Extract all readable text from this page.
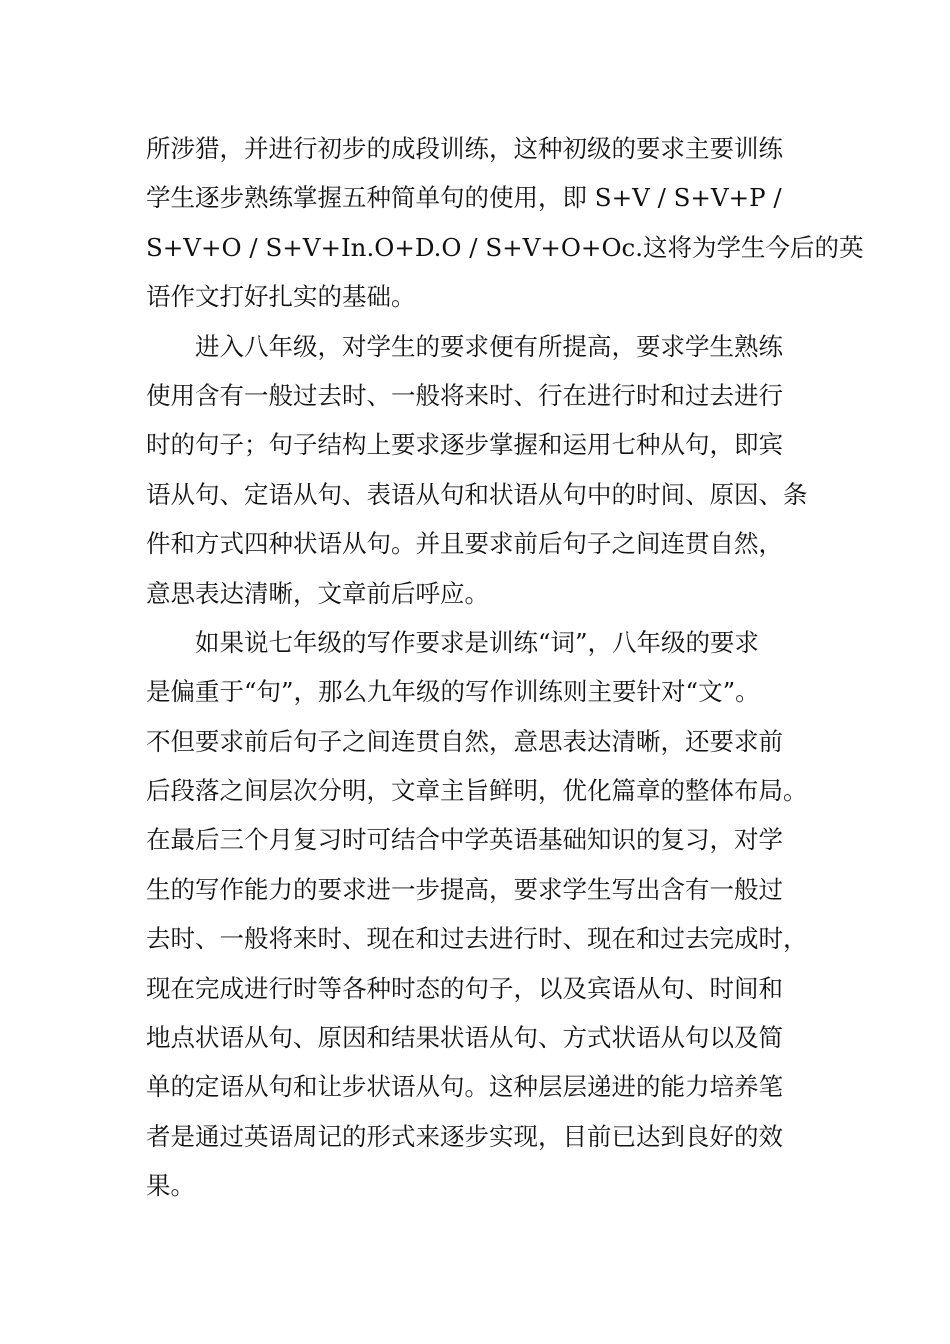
所涉猎，并进行初步的成段训练，这种初级的要求主要训练
学生逐步熟练掌握五种简单句的使用，即 S+V / S+V+P /
S+V+O / S+V+In.O+D.O / S+V+O+Oc.这将为学生今后的英
语作文打好扎实的基础。
进入八年级，对学生的要求便有所提高，要求学生熟练
使用含有一般过去时、一般将来时、行在进行时和过去进行
时的句子；句子结构上要求逐步掌握和运用七种从句，即宾
语从句、定语从句、表语从句和状语从句中的时间、原因、条
件和方式四种状语从句。并且要求前后句子之间连贯自然，
意思表达清晰，文章前后呼应。
如果说七年级的写作要求是训练“词”，八年级的要求
是偏重于“句”，那么九年级的写作训练则主要针对“文”。
不但要求前后句子之间连贯自然，意思表达清晰，还要求前
后段落之间层次分明，文章主旨鲜明，优化篇章的整体布局。
在最后三个月复习时可结合中学英语基础知识的复习，对学
生的写作能力的要求进一步提高，要求学生写出含有一般过
去时、一般将来时、现在和过去进行时、现在和过去完成时，
现在完成进行时等各种时态的句子，以及宾语从句、时间和
地点状语从句、原因和结果状语从句、方式状语从句以及简
单的定语从句和让步状语从句。这种层层递进的能力培养笔
者是通过英语周记的形式来逐步实现，目前已达到良好的效
果。
